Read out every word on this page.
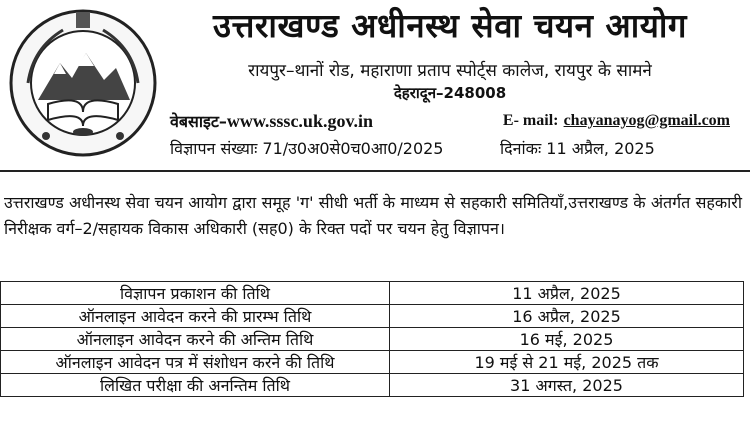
उत्तराखण्ड अधीनस्थ सेवा चयन आयोग
रायपुर–थानों रोड, महाराणा प्रताप स्पोर्ट्स कालेज, रायपुर के सामने
देहरादून–248008
वेबसाइट–www.sssc.uk.gov.in	E- mail: chayanayog@gmail.com
विज्ञापन संख्याः 71/उ0अ0से0च0आ0/2025	दिनांकः 11 अप्रैल, 2025
उत्तराखण्ड अधीनस्थ सेवा चयन आयोग द्वारा समूह 'ग' सीधी भर्ती के माध्यम से सहकारी समितियाँ,उत्तराखण्ड के अंतर्गत सहकारी निरीक्षक वर्ग–2/सहायक विकास अधिकारी (सह0) के रिक्त पदों पर चयन हेतु विज्ञापन।
विज्ञापन प्रकाशन की तिथि	11 अप्रैल, 2025
ऑनलाइन आवेदन करने की प्रारम्भ तिथि	16 अप्रैल, 2025
ऑनलाइन आवेदन करने की अन्तिम तिथि	16 मई, 2025
ऑनलाइन आवेदन पत्र में संशोधन करने की तिथि	19 मई से 21 मई, 2025 तक
लिखित परीक्षा की अनन्तिम तिथि	31 अगस्त, 2025
